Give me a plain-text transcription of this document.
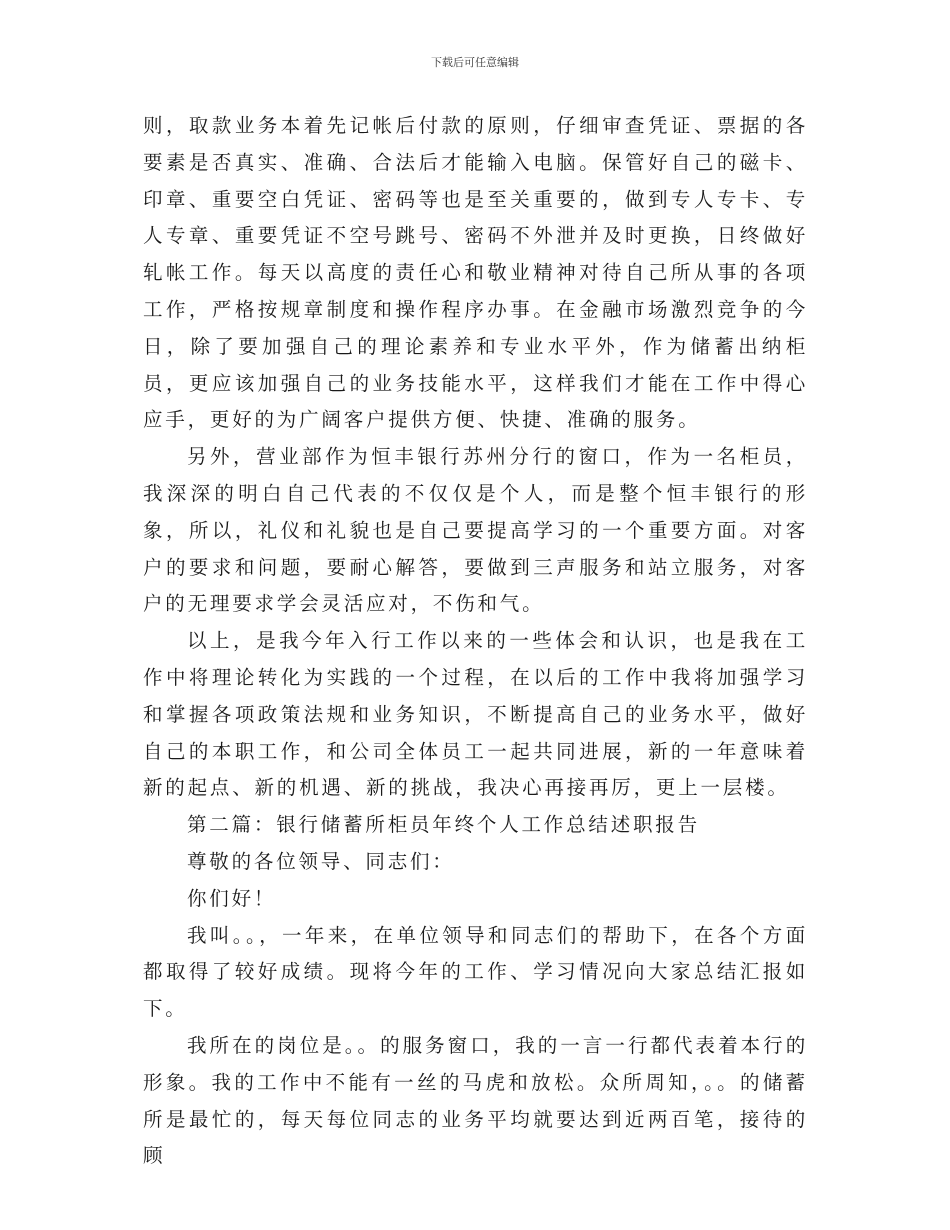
下载后可任意编辑

则，取款业务本着先记帐后付款的原则，仔细审查凭证、票据的各要素是否真实、准确、合法后才能输入电脑。保管好自己的磁卡、印章、重要空白凭证、密码等也是至关重要的，做到专人专卡、专人专章、重要凭证不空号跳号、密码不外泄并及时更换，日终做好轧帐工作。每天以高度的责任心和敬业精神对待自己所从事的各项工作，严格按规章制度和操作程序办事。在金融市场激烈竞争的今日，除了要加强自己的理论素养和专业水平外，作为储蓄出纳柜员，更应该加强自己的业务技能水平，这样我们才能在工作中得心应手，更好的为广阔客户提供方便、快捷、准确的服务。

另外，营业部作为恒丰银行苏州分行的窗口，作为一名柜员，我深深的明白自己代表的不仅仅是个人，而是整个恒丰银行的形象，所以，礼仪和礼貌也是自己要提高学习的一个重要方面。对客户的要求和问题，要耐心解答，要做到三声服务和站立服务，对客户的无理要求学会灵活应对，不伤和气。

以上，是我今年入行工作以来的一些体会和认识，也是我在工作中将理论转化为实践的一个过程，在以后的工作中我将加强学习和掌握各项政策法规和业务知识，不断提高自己的业务水平，做好自己的本职工作，和公司全体员工一起共同进展，新的一年意味着新的起点、新的机遇、新的挑战，我决心再接再厉，更上一层楼。

第二篇：银行储蓄所柜员年终个人工作总结述职报告

尊敬的各位领导、同志们：

你们好！

我叫。。，一年来，在单位领导和同志们的帮助下，在各个方面都取得了较好成绩。现将今年的工作、学习情况向大家总结汇报如下。

我所在的岗位是。。的服务窗口，我的一言一行都代表着本行的形象。我的工作中不能有一丝的马虎和放松。众所周知，。。的储蓄所是最忙的，每天每位同志的业务平均就要达到近两百笔，接待的顾
